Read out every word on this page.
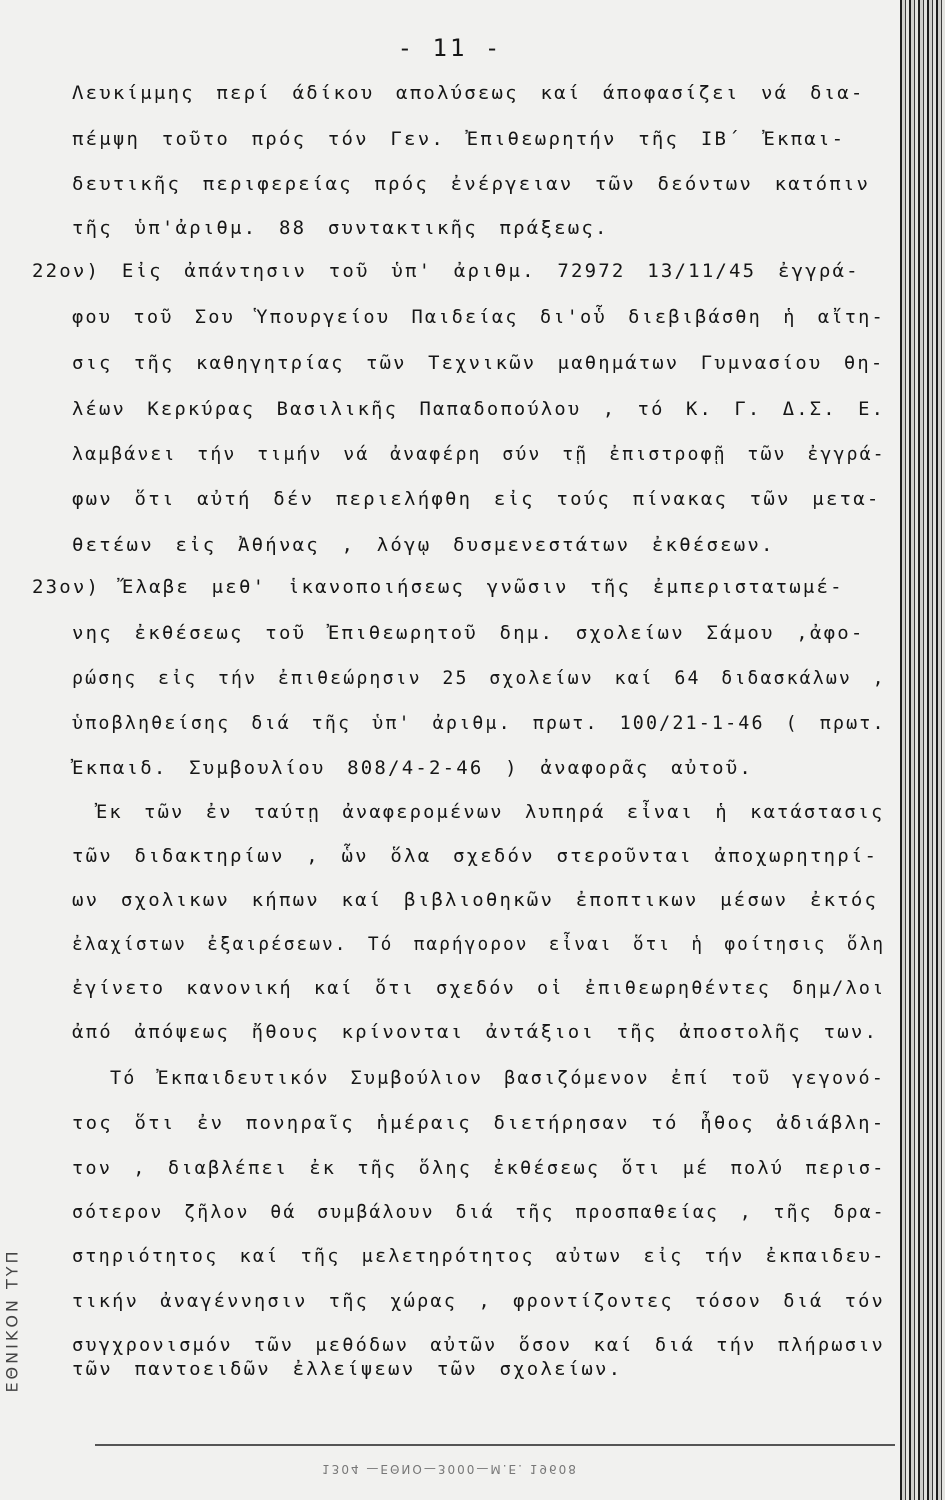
- 11 -
Λευκίμμης περί άδίκου απολύσεως καί άποφασίζει νά δια-
πέμψη τοῦτο πρός τόν Γεν. Ἐπιθεωρητήν τῆς ΙΒ΄ Ἐκπαι-
δευτικῆς περιφερείας πρός ἐνέργειαν τῶν δεόντων κατόπιν
τῆς ὑπ'ἀριθμ. 88 συντακτικῆς πράξεως.
22ον) Εἰς ἀπάντησιν τοῦ ὑπ' ἀριθμ. 72972 13/11/45 ἐγγρά-
φου τοῦ Σου Ὑπουργείου Παιδείας δι'οὗ διεβιβάσθη ἡ αἴτη-
σις τῆς καθηγητρίας τῶν Τεχνικῶν μαθημάτων Γυμνασίου θη-
λέων Κερκύρας Βασιλικῆς Παπαδοπούλου , τό Κ. Γ. Δ.Σ. Ε.
λαμβάνει τήν τιμήν νά ἀναφέρη σύν τῇ ἐπιστροφῇ τῶν ἐγγρά-
φων ὅτι αὐτή δέν περιελήφθη εἰς τούς πίνακας τῶν μετα-
θετέων εἰς Ἀθήνας , λόγῳ δυσμενεστάτων ἐκθέσεων.
23ον) Ἔλαβε μεθ' ἱκανοποιήσεως γνῶσιν τῆς ἐμπεριστατωμέ-
νης ἐκθέσεως τοῦ Ἐπιθεωρητοῦ δημ. σχολείων Σάμου ,ἀφο-
ρώσης εἰς τήν ἐπιθεώρησιν 25 σχολείων καί 64 διδασκάλων ,
ὑποβληθείσης διά τῆς ὑπ' ἀριθμ. πρωτ. 100/21-1-46 ( πρωτ.
Ἐκπαιδ. Συμβουλίου 808/4-2-46 ) ἀναφορᾶς αὐτοῦ.
Ἐκ τῶν ἐν ταύτῃ ἀναφερομένων λυπηρά εἶναι ἡ κατάστασις
τῶν διδακτηρίων , ὧν ὅλα σχεδόν στεροῦνται ἀποχωρητηρί-
ων σχολικων κήπων καί βιβλιοθηκῶν ἐποπτικων μέσων ἐκτός
ἐλαχίστων ἐξαιρέσεων. Τό παρήγορον εἶναι ὅτι ἡ φοίτησις ὅλη
ἐγίνετο κανονική καί ὅτι σχεδόν οἱ ἐπιθεωρηθέντες δημ/λοι
ἀπό ἀπόψεως ἤθους κρίνονται ἀντάξιοι τῆς ἀποστολῆς των.
Τό Ἐκπαιδευτικόν Συμβούλιον βασιζόμενον ἐπί τοῦ γεγονό-
τος ὅτι ἐν πονηραῖς ἡμέραις διετήρησαν τό ἦθος ἀδιάβλη-
τον , διαβλέπει ἐκ τῆς ὅλης ἐκθέσεως ὅτι μέ πολύ περισ-
σότερον ζῆλον θά συμβάλουν διά τῆς προσπαθείας , τῆς δρα-
στηριότητος καί τῆς μελετηρότητος αὐτων εἰς τήν ἐκπαιδευ-
τικήν ἀναγέννησιν τῆς χώρας , φροντίζοντες τόσον διά τόν
συγχρονισμόν τῶν μεθόδων αὐτῶν ὅσον καί διά τήν πλήρωσιν
τῶν παντοειδῶν ἐλλείψεων τῶν σχολείων.
1304 —ΕΘΝΟ—3000—Μ.Ε. 19608
ΕΘΝΙΚΟΝ ΤΥΠ
